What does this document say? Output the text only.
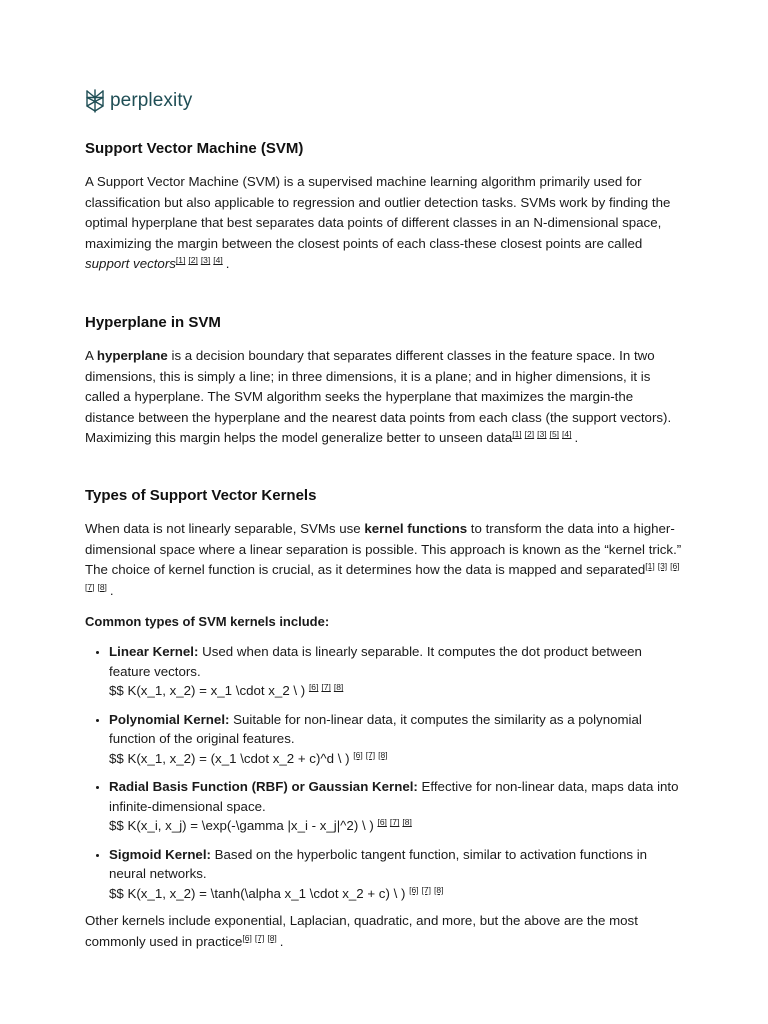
perplexity
Support Vector Machine (SVM)

A Support Vector Machine (SVM) is a supervised machine learning algorithm primarily used for classification but also applicable to regression and outlier detection tasks. SVMs work by finding the optimal hyperplane that best separates data points of different classes in an N-dimensional space, maximizing the margin between the closest points of each class-these closest points are called support vectors[1] [2] [3] [4] .

Hyperplane in SVM

A hyperplane is a decision boundary that separates different classes in the feature space. In two dimensions, this is simply a line; in three dimensions, it is a plane; and in higher dimensions, it is called a hyperplane. The SVM algorithm seeks the hyperplane that maximizes the margin-the distance between the hyperplane and the nearest data points from each class (the support vectors). Maximizing this margin helps the model generalize better to unseen data[1] [2] [3] [5] [4] .

Types of Support Vector Kernels

When data is not linearly separable, SVMs use kernel functions to transform the data into a higher-dimensional space where a linear separation is possible. This approach is known as the “kernel trick.” The choice of kernel function is crucial, as it determines how the data is mapped and separated[1] [3] [6][7] [8] .

Common types of SVM kernels include:
• Linear Kernel: Used when data is linearly separable. It computes the dot product between feature vectors.
$$ K(x_1, x_2) = x_1 \cdot x_2 \ ) [6] [7] [8]
• Polynomial Kernel: Suitable for non-linear data, it computes the similarity as a polynomial function of the original features.
$$ K(x_1, x_2) = (x_1 \cdot x_2 + c)^d \ ) [6] [7] [8]
• Radial Basis Function (RBF) or Gaussian Kernel: Effective for non-linear data, maps data into infinite-dimensional space.
$$ K(x_i, x_j) = \exp(-\gamma |x_i - x_j|^2) \ ) [6] [7] [8]
• Sigmoid Kernel: Based on the hyperbolic tangent function, similar to activation functions in neural networks.
$$ K(x_1, x_2) = \tanh(\alpha x_1 \cdot x_2 + c) \ ) [6] [7] [8]

Other kernels include exponential, Laplacian, quadratic, and more, but the above are the most commonly used in practice[6] [7] [8] .
